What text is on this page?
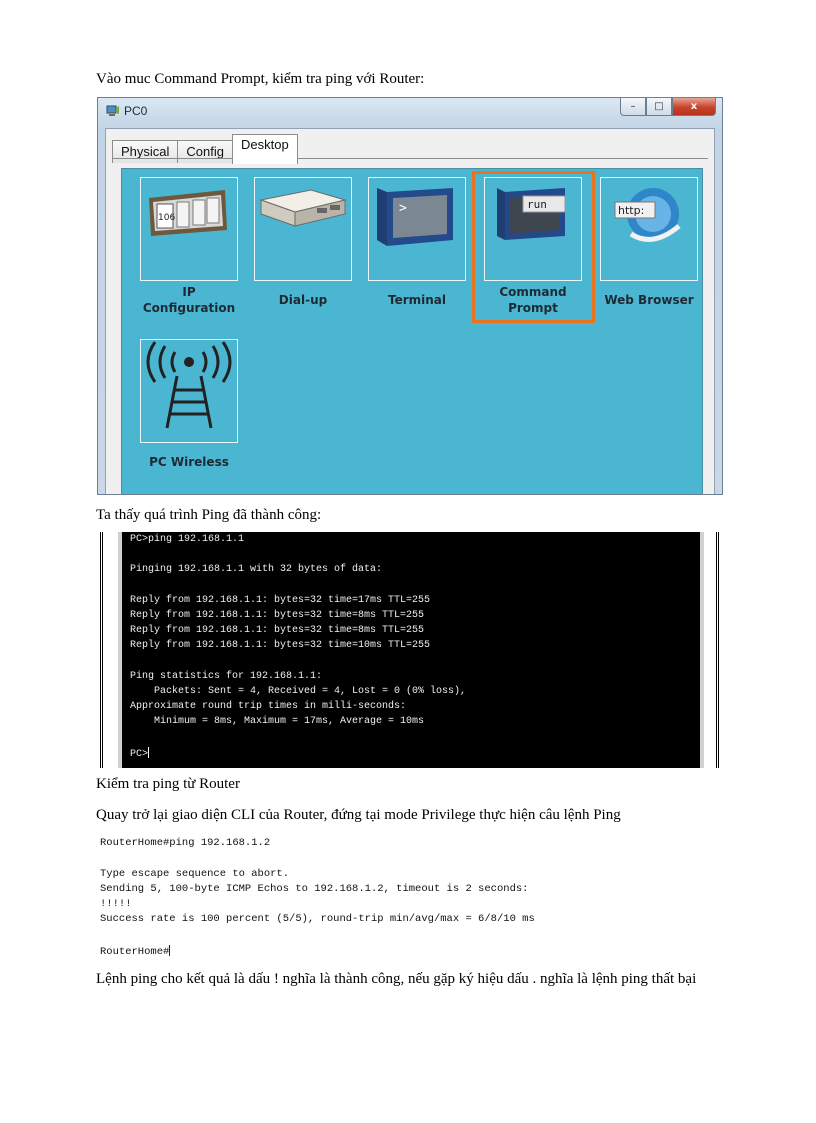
Vào muc Command Prompt, kiểm tra ping với Router:
PC0	–	□	x
Physical	Config	Desktop
106
IP
Configuration
Dial-up
>
Terminal
run
Command
Prompt
http:
Web Browser
PC Wireless
Ta thấy quá trình Ping đã thành công:
PC>ping 192.168.1.1
Pinging 192.168.1.1 with 32 bytes of data:
Reply from 192.168.1.1: bytes=32 time=17ms TTL=255
Reply from 192.168.1.1: bytes=32 time=8ms TTL=255
Reply from 192.168.1.1: bytes=32 time=8ms TTL=255
Reply from 192.168.1.1: bytes=32 time=10ms TTL=255
Ping statistics for 192.168.1.1:
Packets: Sent = 4, Received = 4, Lost = 0 (0% loss),
Approximate round trip times in milli-seconds:
Minimum = 8ms, Maximum = 17ms, Average = 10ms
PC>
Kiểm tra ping từ Router
Quay trở lại giao diện CLI của Router, đứng tại mode Privilege thực hiện câu lệnh Ping
RouterHome#ping 192.168.1.2
Type escape sequence to abort.
Sending 5, 100-byte ICMP Echos to 192.168.1.2, timeout is 2 seconds:
!!!!!
Success rate is 100 percent (5/5), round-trip min/avg/max = 6/8/10 ms
RouterHome#
Lệnh ping cho kết quả là dấu ! nghĩa là thành công, nếu gặp ký hiệu dấu . nghĩa là lệnh ping thất bại
